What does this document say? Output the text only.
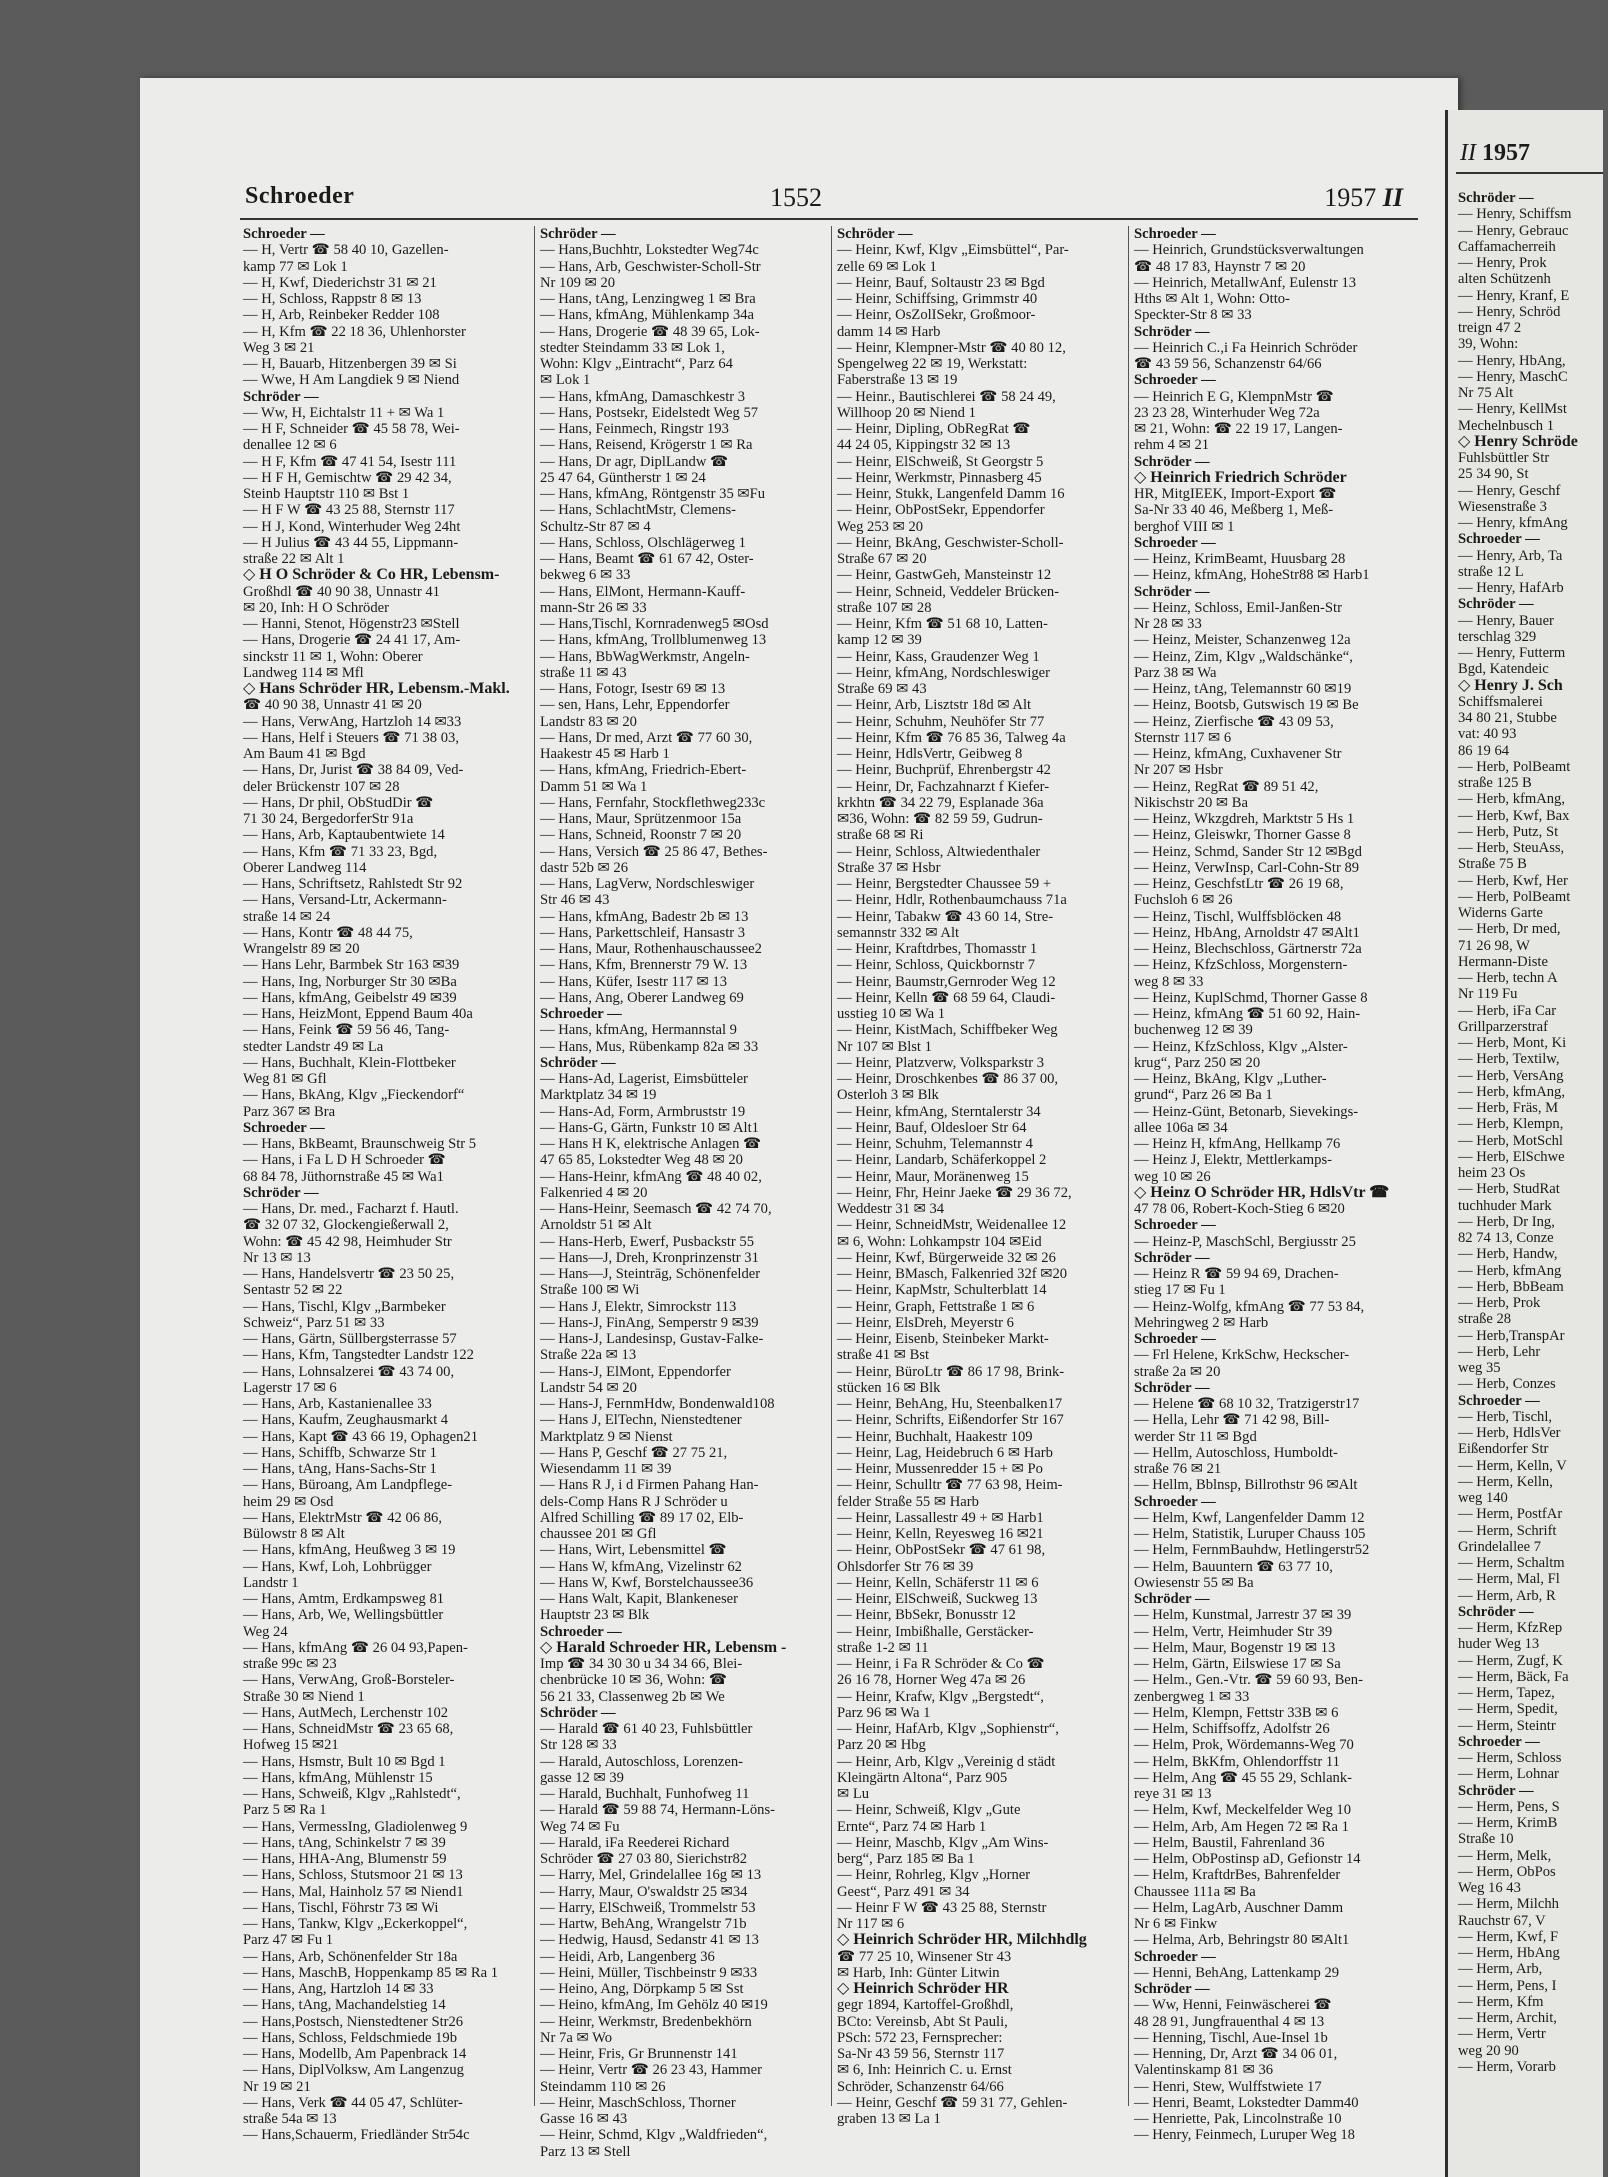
Schroeder	1552	1957 II
Schroeder —
— H, Vertr ☎ 58 40 10, Gazellen-
kamp 77 ✉ Lok 1
— H, Kwf, Diederichstr 31 ✉ 21
— H, Schloss, Rappstr 8 ✉ 13
— H, Arb, Reinbeker Redder 108
— H, Kfm ☎ 22 18 36, Uhlenhorster
Weg 3 ✉ 21
— H, Bauarb, Hitzenbergen 39 ✉ Si
— Wwe, H Am Langdiek 9 ✉ Niend
Schröder —
— Ww, H, Eichtalstr 11 + ✉ Wa 1
— H F, Schneider ☎ 45 58 78, Wei-
denallee 12 ✉ 6
— H F, Kfm ☎ 47 41 54, Isestr 111
— H F H, Gemischtw ☎ 29 42 34,
Steinb Hauptstr 110 ✉ Bst 1
— H F W ☎ 43 25 88, Sternstr 117
— H J, Kond, Winterhuder Weg 24ht
— H Julius ☎ 43 44 55, Lippmann-
straße 22 ✉ Alt 1
◇ H O Schröder & Co HR, Lebensm-
Großhdl ☎ 40 90 38, Unnastr 41
✉ 20, Inh: H O Schröder
— Hanni, Stenot, Högenstr23 ✉Stell
— Hans, Drogerie ☎ 24 41 17, Am-
sinckstr 11 ✉ 1, Wohn: Oberer
Landweg 114 ✉ Mfl
◇ Hans Schröder HR, Lebensm.-Makl.
☎ 40 90 38, Unnastr 41 ✉ 20
— Hans, VerwAng, Hartzloh 14 ✉33
— Hans, Helf i Steuers ☎ 71 38 03,
Am Baum 41 ✉ Bgd
— Hans, Dr, Jurist ☎ 38 84 09, Ved-
deler Brückenstr 107 ✉ 28
— Hans, Dr phil, ObStudDir ☎
71 30 24, BergedorferStr 91a
— Hans, Arb, Kaptaubentwiete 14
— Hans, Kfm ☎ 71 33 23, Bgd,
Oberer Landweg 114
— Hans, Schriftsetz, Rahlstedt Str 92
— Hans, Versand-Ltr, Ackermann-
straße 14 ✉ 24
— Hans, Kontr ☎ 48 44 75,
Wrangelstr 89 ✉ 20
— Hans Lehr, Barmbek Str 163 ✉39
— Hans, Ing, Norburger Str 30 ✉Ba
— Hans, kfmAng, Geibelstr 49 ✉39
— Hans, HeizMont, Eppend Baum 40a
— Hans, Feink ☎ 59 56 46, Tang-
stedter Landstr 49 ✉ La
— Hans, Buchhalt, Klein-Flottbeker
Weg 81 ✉ Gfl
— Hans, BkAng, Klgv „Fieckendorf“
Parz 367 ✉ Bra
Schroeder —
— Hans, BkBeamt, Braunschweig Str 5
— Hans, i Fa L D H Schroeder ☎
68 84 78, Jüthornstraße 45 ✉ Wa1
Schröder —
— Hans, Dr. med., Facharzt f. Hautl.
☎ 32 07 32, Glockengießerwall 2,
Wohn: ☎ 45 42 98, Heimhuder Str
Nr 13 ✉ 13
— Hans, Handelsvertr ☎ 23 50 25,
Sentastr 52 ✉ 22
— Hans, Tischl, Klgv „Barmbeker
Schweiz“, Parz 51 ✉ 33
— Hans, Gärtn, Süllbergsterrasse 57
— Hans, Kfm, Tangstedter Landstr 122
— Hans, Lohnsalzerei ☎ 43 74 00,
Lagerstr 17 ✉ 6
— Hans, Arb, Kastanienallee 33
— Hans, Kaufm, Zeughausmarkt 4
— Hans, Kapt ☎ 43 66 19, Ophagen21
— Hans, Schiffb, Schwarze Str 1
— Hans, tAng, Hans-Sachs-Str 1
— Hans, Büroang, Am Landpflege-
heim 29 ✉ Osd
— Hans, ElektrMstr ☎ 42 06 86,
Bülowstr 8 ✉ Alt
— Hans, kfmAng, Heußweg 3 ✉ 19
— Hans, Kwf, Loh, Lohbrügger
Landstr 1
— Hans, Amtm, Erdkampsweg 81
— Hans, Arb, We, Wellingsbüttler
Weg 24
— Hans, kfmAng ☎ 26 04 93,Papen-
straße 99c ✉ 23
— Hans, VerwAng, Groß-Borsteler-
Straße 30 ✉ Niend 1
— Hans, AutMech, Lerchenstr 102
— Hans, SchneidMstr ☎ 23 65 68,
Hofweg 15 ✉21
— Hans, Hsmstr, Bult 10 ✉ Bgd 1
— Hans, kfmAng, Mühlenstr 15
— Hans, Schweiß, Klgv „Rahlstedt“,
Parz 5 ✉ Ra 1
— Hans, VermessIng, Gladiolenweg 9
— Hans, tAng, Schinkelstr 7 ✉ 39
— Hans, HHA-Ang, Blumenstr 59
— Hans, Schloss, Stutsmoor 21 ✉ 13
— Hans, Mal, Hainholz 57 ✉ Niend1
— Hans, Tischl, Föhrstr 73 ✉ Wi
— Hans, Tankw, Klgv „Eckerkoppel“,
Parz 47 ✉ Fu 1
— Hans, Arb, Schönenfelder Str 18a
— Hans, MaschB, Hoppenkamp 85 ✉ Ra 1
— Hans, Ang, Hartzloh 14 ✉ 33
— Hans, tAng, Machandelstieg 14
— Hans,Postsch, Nienstedtener Str26
— Hans, Schloss, Feldschmiede 19b
— Hans, Modellb, Am Papenbrack 14
— Hans, DiplVolksw, Am Langenzug
Nr 19 ✉ 21
— Hans, Verk ☎ 44 05 47, Schlüter-
straße 54a ✉ 13
— Hans,Schauerm, Friedländer Str54c
Schröder —
— Hans,Buchhtr, Lokstedter Weg74c
— Hans, Arb, Geschwister-Scholl-Str
Nr 109 ✉ 20
— Hans, tAng, Lenzingweg 1 ✉ Bra
— Hans, kfmAng, Mühlenkamp 34a
— Hans, Drogerie ☎ 48 39 65, Lok-
stedter Steindamm 33 ✉ Lok 1,
Wohn: Klgv „Eintracht“, Parz 64
✉ Lok 1
— Hans, kfmAng, Damaschkestr 3
— Hans, Postsekr, Eidelstedt Weg 57
— Hans, Feinmech, Ringstr 193
— Hans, Reisend, Krögerstr 1 ✉ Ra
— Hans, Dr agr, DiplLandw ☎
25 47 64, Güntherstr 1 ✉ 24
— Hans, kfmAng, Röntgenstr 35 ✉Fu
— Hans, SchlachtMstr, Clemens-
Schultz-Str 87 ✉ 4
— Hans, Schloss, Olschlägerweg 1
— Hans, Beamt ☎ 61 67 42, Oster-
bekweg 6 ✉ 33
— Hans, ElMont, Hermann-Kauff-
mann-Str 26 ✉ 33
— Hans,Tischl, Kornradenweg5 ✉Osd
— Hans, kfmAng, Trollblumenweg 13
— Hans, BbWagWerkmstr, Angeln-
straße 11 ✉ 43
— Hans, Fotogr, Isestr 69 ✉ 13
— sen, Hans, Lehr, Eppendorfer
Landstr 83 ✉ 20
— Hans, Dr med, Arzt ☎ 77 60 30,
Haakestr 45 ✉ Harb 1
— Hans, kfmAng, Friedrich-Ebert-
Damm 51 ✉ Wa 1
— Hans, Fernfahr, Stockflethweg233c
— Hans, Maur, Sprützenmoor 15a
— Hans, Schneid, Roonstr 7 ✉ 20
— Hans, Versich ☎ 25 86 47, Bethes-
dastr 52b ✉ 26
— Hans, LagVerw, Nordschleswiger
Str 46 ✉ 43
— Hans, kfmAng, Badestr 2b ✉ 13
— Hans, Parkettschleif, Hansastr 3
— Hans, Maur, Rothenhauschaussee2
— Hans, Kfm, Brennerstr 79 W. 13
— Hans, Küfer, Isestr 117 ✉ 13
— Hans, Ang, Oberer Landweg 69
Schroeder —
— Hans, kfmAng, Hermannstal 9
— Hans, Mus, Rübenkamp 82a ✉ 33
Schröder —
— Hans-Ad, Lagerist, Eimsbütteler
Marktplatz 34 ✉ 19
— Hans-Ad, Form, Armbruststr 19
— Hans-G, Gärtn, Funkstr 10 ✉ Alt1
— Hans H K, elektrische Anlagen ☎
47 65 85, Lokstedter Weg 48 ✉ 20
— Hans-Heinr, kfmAng ☎ 48 40 02,
Falkenried 4 ✉ 20
— Hans-Heinr, Seemasch ☎ 42 74 70,
Arnoldstr 51 ✉ Alt
— Hans-Herb, Ewerf, Pusbackstr 55
— Hans—J, Dreh, Kronprinzenstr 31
— Hans—J, Steintrāg, Schönenfelder
Straße 100 ✉ Wi
— Hans J, Elektr, Simrockstr 113
— Hans-J, FinAng, Semperstr 9 ✉39
— Hans-J, Landesinsp, Gustav-Falke-
Straße 22a ✉ 13
— Hans-J, ElMont, Eppendorfer
Landstr 54 ✉ 20
— Hans-J, FernmHdw, Bondenwald108
— Hans J, ElTechn, Nienstedtener
Marktplatz 9 ✉ Nienst
— Hans P, Geschf ☎ 27 75 21,
Wiesendamm 11 ✉ 39
— Hans R J, i d Firmen Pahang Han-
dels-Comp Hans R J Schröder u
Alfred Schilling ☎ 89 17 02, Elb-
chaussee 201 ✉ Gfl
— Hans, Wirt, Lebensmittel ☎
— Hans W, kfmAng, Vizelinstr 62
— Hans W, Kwf, Borstelchaussee36
— Hans Walt, Kapit, Blankeneser
Hauptstr 23 ✉ Blk
Schroeder —
◇ Harald Schroeder HR, Lebensm -
Imp ☎ 34 30 30 u 34 34 66, Blei-
chenbrücke 10 ✉ 36, Wohn: ☎
56 21 33, Classenweg 2b ✉ We
Schröder —
— Harald ☎ 61 40 23, Fuhlsbüttler
Str 128 ✉ 33
— Harald, Autoschloss, Lorenzen-
gasse 12 ✉ 39
— Harald, Buchhalt, Funhofweg 11
— Harald ☎ 59 88 74, Hermann-Löns-
Weg 74 ✉ Fu
— Harald, iFa Reederei Richard
Schröder ☎ 27 03 80, Sierichstr82
— Harry, Mel, Grindelallee 16g ✉ 13
— Harry, Maur, O'swaldstr 25 ✉34
— Harry, ElSchweiß, Trommelstr 53
— Hartw, BehAng, Wrangelstr 71b
— Hedwig, Hausd, Sedanstr 41 ✉ 13
— Heidi, Arb, Langenberg 36
— Heini, Müller, Tischbeinstr 9 ✉33
— Heino, Ang, Dörpkamp 5 ✉ Sst
— Heino, kfmAng, Im Gehölz 40 ✉19
— Heinr, Werkmstr, Bredenbekhörn
Nr 7a ✉ Wo
— Heinr, Fris, Gr Brunnenstr 141
— Heinr, Vertr ☎ 26 23 43, Hammer
Steindamm 110 ✉ 26
— Heinr, MaschSchloss, Thorner
Gasse 16 ✉ 43
— Heinr, Schmd, Klgv „Waldfrieden“,
Parz 13 ✉ Stell
Schröder —
— Heinr, Kwf, Klgv „Eimsbüttel“, Par-
zelle 69 ✉ Lok 1
— Heinr, Bauf, Soltaustr 23 ✉ Bgd
— Heinr, Schiffsing, Grimmstr 40
— Heinr, OsZolISekr, Großmoor-
damm 14 ✉ Harb
— Heinr, Klempner-Mstr ☎ 40 80 12,
Spengelweg 22 ✉ 19, Werkstatt:
Faberstraße 13 ✉ 19
— Heinr., Bautischlerei ☎ 58 24 49,
Willhoop 20 ✉ Niend 1
— Heinr, Dipling, ObRegRat ☎
44 24 05, Kippingstr 32 ✉ 13
— Heinr, ElSchweiß, St Georgstr 5
— Heinr, Werkmstr, Pinnasberg 45
— Heinr, Stukk, Langenfeld Damm 16
— Heinr, ObPostSekr, Eppendorfer
Weg 253 ✉ 20
— Heinr, BkAng, Geschwister-Scholl-
Straße 67 ✉ 20
— Heinr, GastwGeh, Mansteinstr 12
— Heinr, Schneid, Veddeler Brücken-
straße 107 ✉ 28
— Heinr, Kfm ☎ 51 68 10, Latten-
kamp 12 ✉ 39
— Heinr, Kass, Graudenzer Weg 1
— Heinr, kfmAng, Nordschleswiger
Straße 69 ✉ 43
— Heinr, Arb, Lisztstr 18d ✉ Alt
— Heinr, Schuhm, Neuhöfer Str 77
— Heinr, Kfm ☎ 76 85 36, Talweg 4a
— Heinr, HdlsVertr, Geibweg 8
— Heinr, Buchprüf, Ehrenbergstr 42
— Heinr, Dr, Fachzahnarzt f Kiefer-
krkhtn ☎ 34 22 79, Esplanade 36a
✉36, Wohn: ☎ 82 59 59, Gudrun-
straße 68 ✉ Ri
— Heinr, Schloss, Altwiedenthaler
Straße 37 ✉ Hsbr
— Heinr, Bergstedter Chaussee 59 +
— Heinr, Hdlr, Rothenbaumchauss 71a
— Heinr, Tabakw ☎ 43 60 14, Stre-
semannstr 332 ✉ Alt
— Heinr, Kraftdrbes, Thomasstr 1
— Heinr, Schloss, Quickbornstr 7
— Heinr, Baumstr,Gernroder Weg 12
— Heinr, Kelln ☎ 68 59 64, Claudi-
usstieg 10 ✉ Wa 1
— Heinr, KistMach, Schiffbeker Weg
Nr 107 ✉ Blst 1
— Heinr, Platzverw, Volksparkstr 3
— Heinr, Droschkenbes ☎ 86 37 00,
Osterloh 3 ✉ Blk
— Heinr, kfmAng, Sterntalerstr 34
— Heinr, Bauf, Oldesloer Str 64
— Heinr, Schuhm, Telemannstr 4
— Heinr, Landarb, Schäferkoppel 2
— Heinr, Maur, Moränenweg 15
— Heinr, Fhr, Heinr Jaeke ☎ 29 36 72,
Weddestr 31 ✉ 34
— Heinr, SchneidMstr, Weidenallee 12
✉ 6, Wohn: Lohkampstr 104 ✉Eid
— Heinr, Kwf, Bürgerweide 32 ✉ 26
— Heinr, BMasch, Falkenried 32f ✉20
— Heinr, KapMstr, Schulterblatt 14
— Heinr, Graph, Fettstraße 1 ✉ 6
— Heinr, ElsDreh, Meyerstr 6
— Heinr, Eisenb, Steinbeker Markt-
straße 41 ✉ Bst
— Heinr, BüroLtr ☎ 86 17 98, Brink-
stücken 16 ✉ Blk
— Heinr, BehAng, Hu, Steenbalken17
— Heinr, Schrifts, Eißendorfer Str 167
— Heinr, Buchhalt, Haakestr 109
— Heinr, Lag, Heidebruch 6 ✉ Harb
— Heinr, Mussenredder 15 + ✉ Po
— Heinr, Schulltr ☎ 77 63 98, Heim-
felder Straße 55 ✉ Harb
— Heinr, Lassallestr 49 + ✉ Harb1
— Heinr, Kelln, Reyesweg 16 ✉21
— Heinr, ObPostSekr ☎ 47 61 98,
Ohlsdorfer Str 76 ✉ 39
— Heinr, Kelln, Schäferstr 11 ✉ 6
— Heinr, ElSchweiß, Suckweg 13
— Heinr, BbSekr, Bonusstr 12
— Heinr, Imbißhalle, Gerstäcker-
straße 1-2 ✉ 11
— Heinr, i Fa R Schröder & Co ☎
26 16 78, Horner Weg 47a ✉ 26
— Heinr, Krafw, Klgv „Bergstedt“,
Parz 96 ✉ Wa 1
— Heinr, HafArb, Klgv „Sophienstr“,
Parz 20 ✉ Hbg
— Heinr, Arb, Klgv „Vereinig d städt
Kleingärtn Altona“, Parz 905
✉ Lu
— Heinr, Schweiß, Klgv „Gute
Ernte“, Parz 74 ✉ Harb 1
— Heinr, Maschb, Klgv „Am Wins-
berg“, Parz 185 ✉ Ba 1
— Heinr, Rohrleg, Klgv „Horner
Geest“, Parz 491 ✉ 34
— Heinr F W ☎ 43 25 88, Sternstr
Nr 117 ✉ 6
◇ Heinrich Schröder HR, Milchhdlg
☎ 77 25 10, Winsener Str 43
✉ Harb, Inh: Günter Litwin
◇ Heinrich Schröder HR
gegr 1894, Kartoffel-Großhdl,
BCto: Vereinsb, Abt St Pauli,
PSch: 572 23, Fernsprecher:
Sa-Nr 43 59 56, Sternstr 117
✉ 6, Inh: Heinrich C. u. Ernst
Schröder, Schanzenstr 64/66
— Heinr, Geschf ☎ 59 31 77, Gehlen-
graben 13 ✉ La 1
Schroeder —
— Heinrich, Grundstücksverwaltungen
☎ 48 17 83, Haynstr 7 ✉ 20
— Heinrich, MetallwAnf, Eulenstr 13
Hths ✉ Alt 1, Wohn: Otto-
Speckter-Str 8 ✉ 33
Schröder —
— Heinrich C.,i Fa Heinrich Schröder
☎ 43 59 56, Schanzenstr 64/66
Schroeder —
— Heinrich E G, KlempnMstr ☎
23 23 28, Winterhuder Weg 72a
✉ 21, Wohn: ☎ 22 19 17, Langen-
rehm 4 ✉ 21
Schröder —
◇ Heinrich Friedrich Schröder
HR, MitgIEEK, Import-Export ☎
Sa-Nr 33 40 46, Meßberg 1, Meß-
berghof VIII ✉ 1
Schroeder —
— Heinz, KrimBeamt, Huusbarg 28
— Heinz, kfmAng, HoheStr88 ✉ Harb1
Schröder —
— Heinz, Schloss, Emil-Janßen-Str
Nr 28 ✉ 33
— Heinz, Meister, Schanzenweg 12a
— Heinz, Zim, Klgv „Waldschänke“,
Parz 38 ✉ Wa
— Heinz, tAng, Telemannstr 60 ✉19
— Heinz, Bootsb, Gutswisch 19 ✉ Be
— Heinz, Zierfische ☎ 43 09 53,
Sternstr 117 ✉ 6
— Heinz, kfmAng, Cuxhavener Str
Nr 207 ✉ Hsbr
— Heinz, RegRat ☎ 89 51 42,
Nikischstr 20 ✉ Ba
— Heinz, Wkzgdreh, Marktstr 5 Hs 1
— Heinz, Gleiswkr, Thorner Gasse 8
— Heinz, Schmd, Sander Str 12 ✉Bgd
— Heinz, VerwInsp, Carl-Cohn-Str 89
— Heinz, GeschfstLtr ☎ 26 19 68,
Fuchsloh 6 ✉ 26
— Heinz, Tischl, Wulffsblöcken 48
— Heinz, HbAng, Arnoldstr 47 ✉Alt1
— Heinz, Blechschloss, Gärtnerstr 72a
— Heinz, KfzSchloss, Morgenstern-
weg 8 ✉ 33
— Heinz, KuplSchmd, Thorner Gasse 8
— Heinz, kfmAng ☎ 51 60 92, Hain-
buchenweg 12 ✉ 39
— Heinz, KfzSchloss, Klgv „Alster-
krug“, Parz 250 ✉ 20
— Heinz, BkAng, Klgv „Luther-
grund“, Parz 26 ✉ Ba 1
— Heinz-Günt, Betonarb, Sievekings-
allee 106a ✉ 34
— Heinz H, kfmAng, Hellkamp 76
— Heinz J, Elektr, Mettlerkamps-
weg 10 ✉ 26
◇ Heinz O Schröder HR, HdlsVtr ☎
47 78 06, Robert-Koch-Stieg 6 ✉20
Schroeder —
— Heinz-P, MaschSchl, Bergiusstr 25
Schröder —
— Heinz R ☎ 59 94 69, Drachen-
stieg 17 ✉ Fu 1
— Heinz-Wolfg, kfmAng ☎ 77 53 84,
Mehringweg 2 ✉ Harb
Schroeder —
— Frl Helene, KrkSchw, Heckscher-
straße 2a ✉ 20
Schröder —
— Helene ☎ 68 10 32, Tratzigerstr17
— Hella, Lehr ☎ 71 42 98, Bill-
werder Str 11 ✉ Bgd
— Hellm, Autoschloss, Humboldt-
straße 76 ✉ 21
— Hellm, Bblnsp, Billrothstr 96 ✉Alt
Schroeder —
— Helm, Kwf, Langenfelder Damm 12
— Helm, Statistik, Luruper Chauss 105
— Helm, FernmBauhdw, Hetlingerstr52
— Helm, Bauuntern ☎ 63 77 10,
Owiesenstr 55 ✉ Ba
Schröder —
— Helm, Kunstmal, Jarrestr 37 ✉ 39
— Helm, Vertr, Heimhuder Str 39
— Helm, Maur, Bogenstr 19 ✉ 13
— Helm, Gärtn, Eilswiese 17 ✉ Sa
— Helm., Gen.-Vtr. ☎ 59 60 93, Ben-
zenbergweg 1 ✉ 33
— Helm, Klempn, Fettstr 33B ✉ 6
— Helm, Schiffsoffz, Adolfstr 26
— Helm, Prok, Wördemanns-Weg 70
— Helm, BkKfm, Ohlendorffstr 11
— Helm, Ang ☎ 45 55 29, Schlank-
reye 31 ✉ 13
— Helm, Kwf, Meckelfelder Weg 10
— Helm, Arb, Am Hegen 72 ✉ Ra 1
— Helm, Baustil, Fahrenland 36
— Helm, ObPostinsp aD, Gefionstr 14
— Helm, KraftdrBes, Bahrenfelder
Chaussee 111a ✉ Ba
— Helm, LagArb, Auschner Damm
Nr 6 ✉ Finkw
— Helma, Arb, Behringstr 80 ✉Alt1
Schroeder —
— Henni, BehAng, Lattenkamp 29
Schröder —
— Ww, Henni, Feinwäscherei ☎
48 28 91, Jungfrauenthal 4 ✉ 13
— Henning, Tischl, Aue-Insel 1b
— Henning, Dr, Arzt ☎ 34 06 01,
Valentinskamp 81 ✉ 36
— Henri, Stew, Wulffstwiete 17
— Henri, Beamt, Lokstedter Damm40
— Henriette, Pak, Lincolnstraße 10
— Henry, Feinmech, Luruper Weg 18
II 1957
Schröder —
— Henry, Schiffsm
— Henry, Gebrauc
Caffamacherreih
— Henry, Prok
alten Schützenh
— Henry, Kranf, E
— Henry, Schröd
treign 47 2
39, Wohn:
— Henry, HbAng,
— Henry, MaschC
Nr 75 Alt
— Henry, KellMst
Mechelnbusch 1
◇ Henry Schröde
Fuhlsbüttler Str
25 34 90, St
— Henry, Geschf
Wiesenstraße 3
— Henry, kfmAng
Schroeder —
— Henry, Arb, Ta
straße 12 L
— Henry, HafArb
Schröder —
— Henry, Bauer
terschlag 329
— Henry, Futterm
Bgd, Katendeic
◇ Henry J. Sch
Schiffsmalerei
34 80 21, Stubbe
vat: 40 93
86 19 64
— Herb, PolBeamt
straße 125 B
— Herb, kfmAng,
— Herb, Kwf, Bax
— Herb, Putz, St
— Herb, SteuAss,
Straße 75 B
— Herb, Kwf, Her
— Herb, PolBeamt
Widerns Garte
— Herb, Dr med,
71 26 98, W
Hermann-Diste
— Herb, techn A
Nr 119 Fu
— Herb, iFa Car
Grillparzerstraf
— Herb, Mont, Ki
— Herb, Textilw,
— Herb, VersAng
— Herb, kfmAng,
— Herb, Fräs, M
— Herb, Klempn,
— Herb, MotSchl
— Herb, ElSchwe
heim 23 Os
— Herb, StudRat
tuchhuder Mark
— Herb, Dr Ing,
82 74 13, Conze
— Herb, Handw,
— Herb, kfmAng
— Herb, BbBeam
— Herb, Prok
straße 28
— Herb,TranspAr
— Herb, Lehr
weg 35
— Herb, Conzes
Schroeder —
— Herb, Tischl,
— Herb, HdlsVer
Eißendorfer Str
— Herm, Kelln, V
— Herm, Kelln,
weg 140
— Herm, PostfAr
— Herm, Schrift
Grindelallee 7
— Herm, Schaltm
— Herm, Mal, Fl
— Herm, Arb, R
Schröder —
— Herm, KfzRep
huder Weg 13
— Herm, Zugf, K
— Herm, Bäck, Fa
— Herm, Tapez,
— Herm, Spedit,
— Herm, Steintr
Schroeder —
— Herm, Schloss
— Herm, Lohnar
Schröder —
— Herm, Pens, S
— Herm, KrimB
Straße 10
— Herm, Melk,
— Herm, ObPos
Weg 16 43
— Herm, Milchh
Rauchstr 67, V
— Herm, Kwf, F
— Herm, HbAng
— Herm, Arb,
— Herm, Pens, I
— Herm, Kfm
— Herm, Archit,
— Herm, Vertr
weg 20 90
— Herm, Vorarb
